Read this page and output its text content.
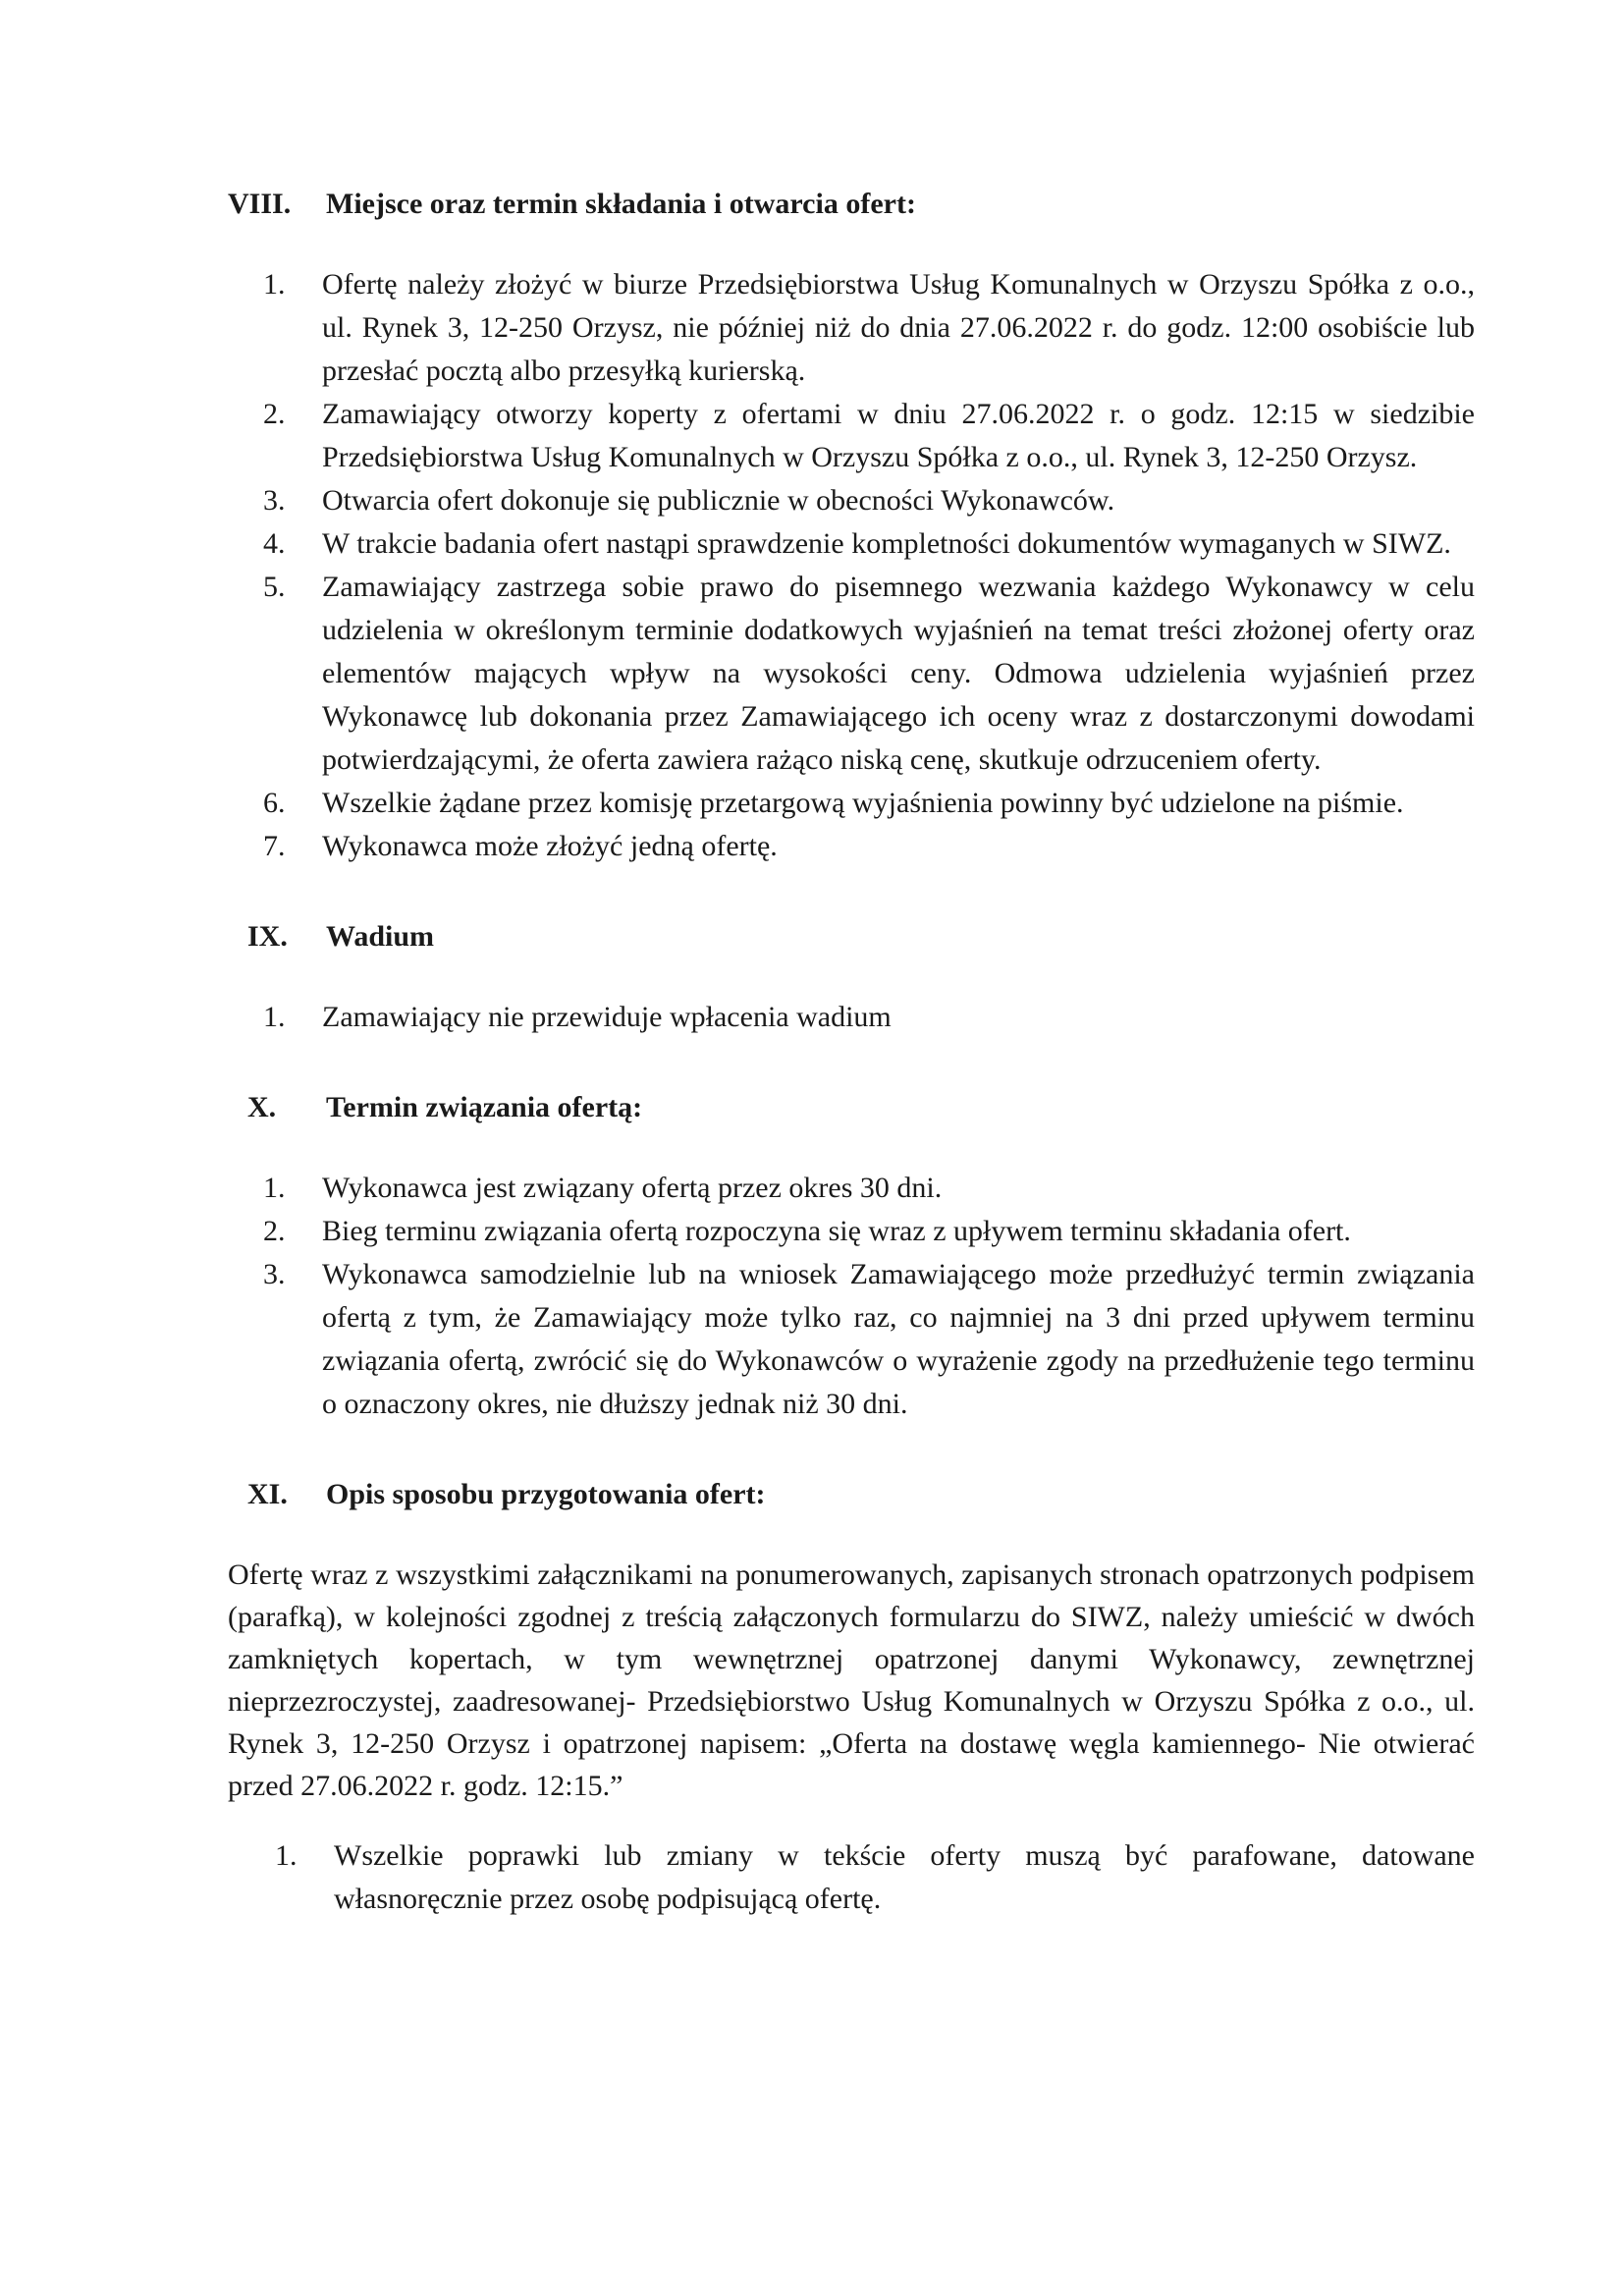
VIII.	Miejsce oraz termin składania i otwarcia ofert:
1. Ofertę należy złożyć w biurze Przedsiębiorstwa Usług Komunalnych w Orzyszu Spółka z o.o., ul. Rynek 3, 12-250 Orzysz, nie później niż do dnia 27.06.2022 r. do godz. 12:00 osobiście lub przesłać pocztą albo przesyłką kurierską.
2. Zamawiający otworzy koperty z ofertami w dniu 27.06.2022 r. o godz. 12:15 w siedzibie Przedsiębiorstwa Usług Komunalnych w Orzyszu Spółka z o.o., ul. Rynek 3, 12-250 Orzysz.
3. Otwarcia ofert dokonuje się publicznie w obecności Wykonawców.
4. W trakcie badania ofert nastąpi sprawdzenie kompletności dokumentów wymaganych w SIWZ.
5. Zamawiający zastrzega sobie prawo do pisemnego wezwania każdego Wykonawcy w celu udzielenia w określonym terminie dodatkowych wyjaśnień na temat treści złożonej oferty oraz elementów mających wpływ na wysokości ceny. Odmowa udzielenia wyjaśnień przez Wykonawcę lub dokonania przez Zamawiającego ich oceny wraz z dostarczonymi dowodami potwierdzającymi, że oferta zawiera rażąco niską cenę, skutkuje odrzuceniem oferty.
6. Wszelkie żądane przez komisję przetargową wyjaśnienia powinny być udzielone na piśmie.
7. Wykonawca może złożyć jedną ofertę.
IX.	Wadium
1. Zamawiający nie przewiduje wpłacenia wadium
X.	Termin związania ofertą:
1. Wykonawca jest związany ofertą przez okres 30 dni.
2. Bieg terminu związania ofertą rozpoczyna się wraz z upływem terminu składania ofert.
3. Wykonawca samodzielnie lub na wniosek Zamawiającego może przedłużyć termin związania ofertą z tym, że Zamawiający może tylko raz, co najmniej na 3 dni przed upływem terminu związania ofertą, zwrócić się do Wykonawców o wyrażenie zgody na przedłużenie tego terminu o oznaczony okres, nie dłuższy jednak niż 30 dni.
XI.	Opis sposobu przygotowania ofert:

Ofertę wraz z wszystkimi załącznikami na ponumerowanych, zapisanych stronach opatrzonych podpisem (parafką), w kolejności zgodnej z treścią załączonych formularzu do SIWZ, należy umieścić w dwóch zamkniętych kopertach, w tym wewnętrznej opatrzonej danymi Wykonawcy, zewnętrznej nieprzezroczystej, zaadresowanej- Przedsiębiorstwo Usług Komunalnych w Orzyszu Spółka z o.o., ul. Rynek 3, 12-250 Orzysz i opatrzonej napisem: „Oferta na dostawę węgla kamiennego- Nie otwierać przed 27.06.2022 r. godz. 12:15.”

1. Wszelkie poprawki lub zmiany w tekście oferty muszą być parafowane, datowane własnoręcznie przez osobę podpisującą ofertę.
